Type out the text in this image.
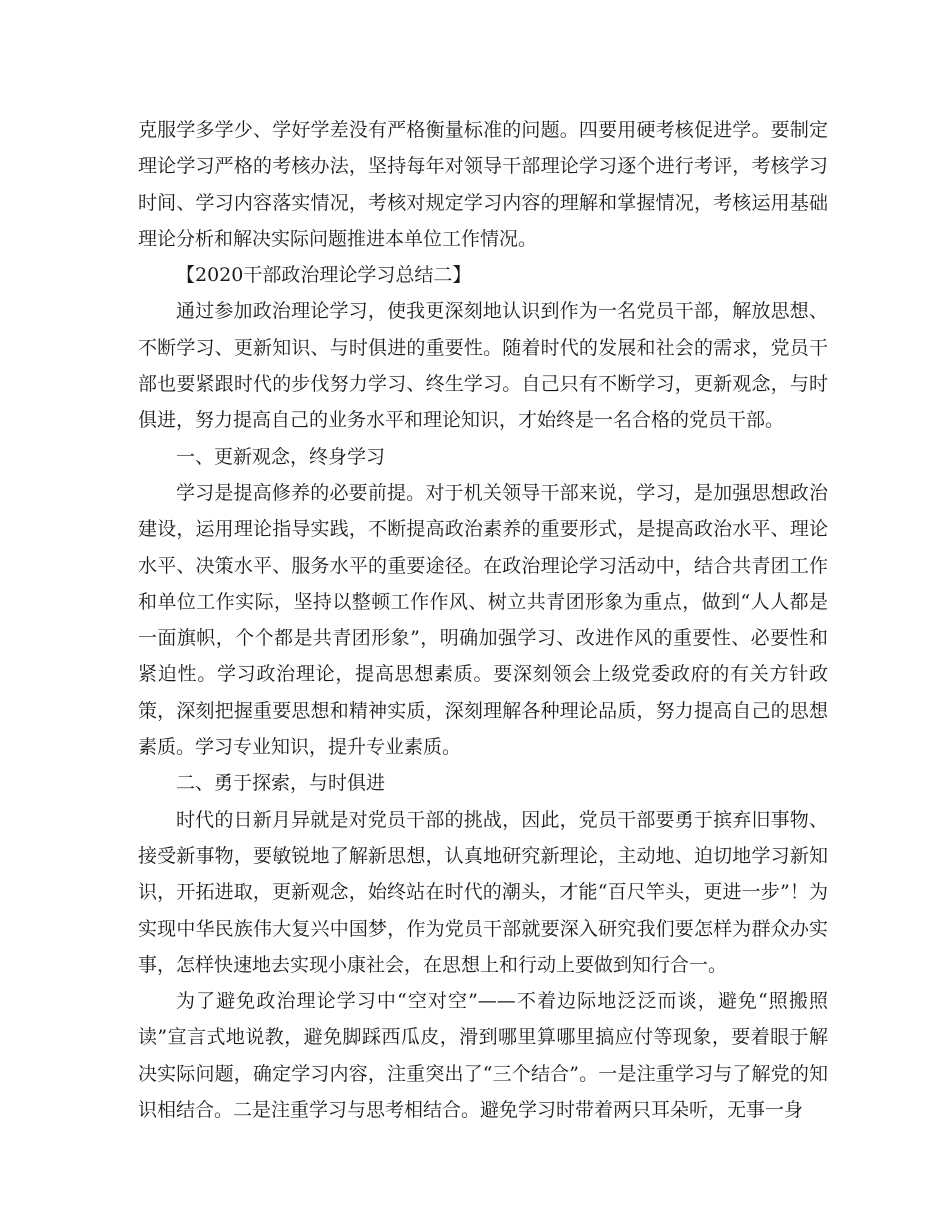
克服学多学少、学好学差没有严格衡量标准的问题。四要用硬考核促进学。要制定理论学习严格的考核办法，坚持每年对领导干部理论学习逐个进行考评，考核学习时间、学习内容落实情况，考核对规定学习内容的理解和掌握情况，考核运用基础理论分析和解决实际问题推进本单位工作情况。

【2020干部政治理论学习总结二】

通过参加政治理论学习，使我更深刻地认识到作为一名党员干部，解放思想、不断学习、更新知识、与时俱进的重要性。随着时代的发展和社会的需求，党员干部也要紧跟时代的步伐努力学习、终生学习。自己只有不断学习，更新观念，与时俱进，努力提高自己的业务水平和理论知识，才始终是一名合格的党员干部。

一、更新观念，终身学习

学习是提高修养的必要前提。对于机关领导干部来说，学习，是加强思想政治建设，运用理论指导实践，不断提高政治素养的重要形式，是提高政治水平、理论水平、决策水平、服务水平的重要途径。在政治理论学习活动中，结合共青团工作和单位工作实际，坚持以整顿工作作风、树立共青团形象为重点，做到“人人都是一面旗帜，个个都是共青团形象”，明确加强学习、改进作风的重要性、必要性和紧迫性。学习政治理论，提高思想素质。要深刻领会上级党委政府的有关方针政策，深刻把握重要思想和精神实质，深刻理解各种理论品质，努力提高自己的思想素质。学习专业知识，提升专业素质。

二、勇于探索，与时俱进

时代的日新月异就是对党员干部的挑战，因此，党员干部要勇于摈弃旧事物、接受新事物，要敏锐地了解新思想，认真地研究新理论，主动地、迫切地学习新知识，开拓进取，更新观念，始终站在时代的潮头，才能“百尺竿头，更进一步”！为实现中华民族伟大复兴中国梦，作为党员干部就要深入研究我们要怎样为群众办实事，怎样快速地去实现小康社会，在思想上和行动上要做到知行合一。

为了避免政治理论学习中“空对空”——不着边际地泛泛而谈，避免“照搬照读”宣言式地说教，避免脚踩西瓜皮，滑到哪里算哪里搞应付等现象，要着眼于解决实际问题，确定学习内容，注重突出了“三个结合”。一是注重学习与了解党的知识相结合。二是注重学习与思考相结合。避免学习时带着两只耳朵听，无事一身
